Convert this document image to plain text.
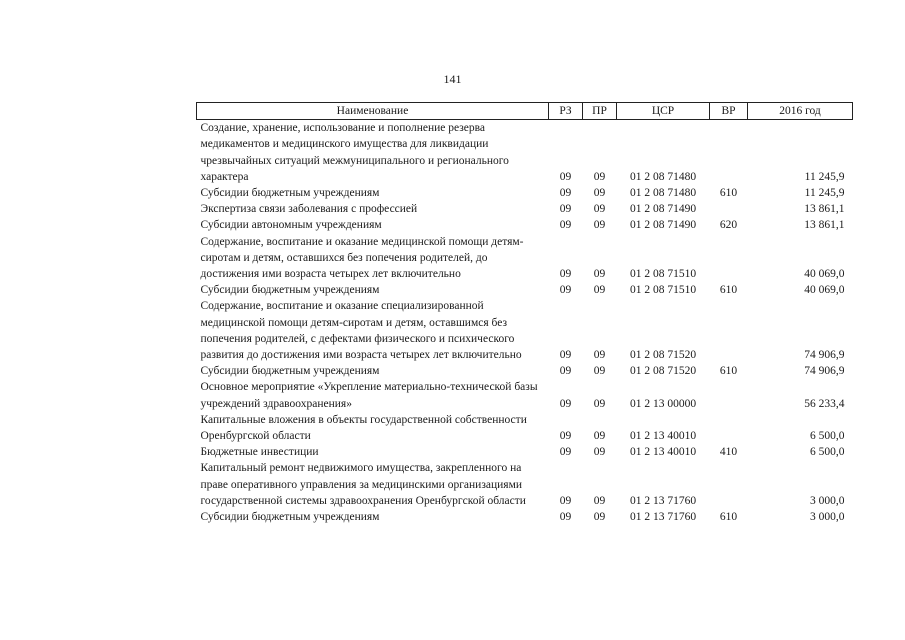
141
Наименование	РЗ	ПР	ЦСР	ВР	2016 год
Создание, хранение, использование и пополнение резерва медикаментов и медицинского имущества для ликвидации чрезвычайных ситуаций межмуниципального и регионального характера	09	09	01 2 08 71480		11 245,9
Субсидии бюджетным учреждениям	09	09	01 2 08 71480	610	11 245,9
Экспертиза связи заболевания с профессией	09	09	01 2 08 71490		13 861,1
Субсидии автономным учреждениям	09	09	01 2 08 71490	620	13 861,1
Содержание, воспитание и оказание медицинской помощи детям-сиротам и детям, оставшихся без попечения родителей, до достижения ими возраста четырех лет включительно	09	09	01 2 08 71510		40 069,0
Субсидии бюджетным учреждениям	09	09	01 2 08 71510	610	40 069,0
Содержание, воспитание и оказание специализированной медицинской помощи детям-сиротам и детям, оставшимся без попечения родителей, с дефектами физического и психического развития до достижения ими возраста четырех лет включительно	09	09	01 2 08 71520		74 906,9
Субсидии бюджетным учреждениям	09	09	01 2 08 71520	610	74 906,9
Основное мероприятие «Укрепление материально-технической базы учреждений здравоохранения»	09	09	01 2 13 00000		56 233,4
Капитальные вложения в объекты государственной собственности Оренбургской области	09	09	01 2 13 40010		6 500,0
Бюджетные инвестиции	09	09	01 2 13 40010	410	6 500,0
Капитальный ремонт недвижимого имущества, закрепленного на праве оперативного управления за медицинскими организациями государственной системы здравоохранения Оренбургской области	09	09	01 2 13 71760		3 000,0
Субсидии бюджетным учреждениям	09	09	01 2 13 71760	610	3 000,0
